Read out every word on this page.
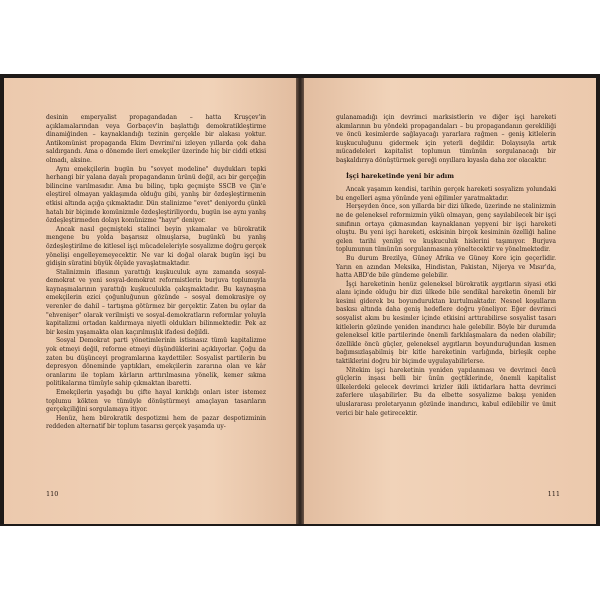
desinin emperyalist propagandadan – hatta Kruşçev'in açıklamalarından veya Gorbaçev'in başlattığı demokratikleştirme dinamiğinden – kaynaklandığı tezinin gerçekle bir alakası yoktur. Antikomünist propaganda Ekim Devrimi'ni izleyen yıllarda çok daha saldırgandı. Ama o dönemde ileri emekçiler üzerinde hiç bir ciddi etkisi olmadı, aksine.

Aynı emekçilerin bugün bu "sovyet modeline" duydukları tepki herhangi bir yalana dayalı propagandanın ürünü değil, acı bir gerçeğin bilincine varılmasıdır. Ama bu bilinç, tıpkı geçmişte SSCB ve Çin'e eleştirel olmayan yaklaşımda olduğu gibi, yanlış bir özdeşleştirmenin etkisi altında açığa çıkmaktadır. Dün stalinizme "evet" deniyordu çünkü hatalı bir biçimde komünizmle özdeşleştiriliyordu, bugün ise aynı yanlış özdeşleştirmeden dolayı komünizme "hayır" deniyor.

Ancak nasıl geçmişteki stalinci beyin yıkamalar ve bürokratik mengene bu yolda başarısız olmuşlarsa, bugünkü bu yanlış özdeşleştirilme de kitlesel işçi mücadeleleriyle sosyalizme doğru gerçek yönelişi engelleyemeyecektir. Ne var ki doğal olarak bugün işçi bu gidişin süratini büyük ölçüde yavaşlatmaktadır.

Stalinizmin iflasının yarattığı kuşkuculuk aynı zamanda sosyal-demokrat ve yeni sosyal-demokrat reformistlerin burjuva toplumuyla kaynaşmalarının yarattığı kuşkuculukla çakışmaktadır. Bu kaynaşma emekçilerin ezici çoğunluğunun gözünde – sosyal demokrasiye oy verenler de dahil – tartışma götürmez bir gerçektir. Zaten bu oylar da "ehvenişer" olarak verilmişti ve sosyal-demokratların reformlar yoluyla kapitalizmi ortadan kaldırmaya niyetli oldukları bilinmektedir. Pek az bir kesim yaşamakta olan kaçırılmışlık ifadesi değildi.

Sosyal Demokrat parti yönetimlerinin istisnasız tümü kapitalizme yok etmeyi değil, reforme etmeyi düşündüklerini açıklıyorlar. Çoğu da zaten bu düşünceyi programlarına kaydettiler. Sosyalist partilerin bu depresyon döneminde yaptıkları, emekçilerin zararına olan ve kâr oranlarını ile toplam kârların arttırılmasına yönelik, kemer sıkma politikalarına tümüyle sahip çıkmaktan ibaretti.

Emekçilerin yaşadığı bu çifte hayal kırıklığı onları ister istemez toplumu kökten ve tümüyle dönüştürmeyi amaçlayan tasarıların gerçekçiliğini sorgulamaya itiyor.

Henüz, hem bürokratik despotizmi hem de pazar despotizminin reddeden alternatif bir toplum tasarısı gerçek yaşamda uy-

110

gulanamadığı için devrimci marksistlerin ve diğer işçi hareketi akımlarının bu yöndeki propagandaları – bu propagandanın gerekliliği ve öncü kesimlerde sağlayacağı yararlara rağmen – geniş kitlelerin kuşkuculuğunu gidermek için yeterli değildir. Dolayısıyla artık mücadeleleri kapitalist toplumun tümünün sorgulanacağı bir başkaldırıya dönüştürmek gereği onyıllara kıyasla daha zor olacaktır.

İşçi hareketinde yeni bir adım

Ancak yaşamın kendisi, tarihin gerçek hareketi sosyalizm yolundaki bu engelleri aşma yönünde yeni eğilimler yaratmaktadır.

Herşeyden önce, son yıllarda bir dizi ülkede, üzerinde ne stalinizmin ne de geleneksel reformizmin yükü olmayan, genç sayılabilecek bir işçi sınıfının ortaya çıkmasından kaynaklanan yepyeni bir işçi hareketi oluştu. Bu yeni işçi hareketi, eskisinin birçok kesiminin özelliği haline gelen tarihi yenilgi ve kuşkuculuk hislerini taşımıyor. Burjuva toplumunun tümünün sorgulanmasına yöneltecektir ve yönelmektedir.

Bu durum Brezilya, Güney Afrika ve Güney Kore için geçerlidir. Yarın en azından Meksika, Hindistan, Pakistan, Nijerya ve Mısır'da, hatta ABD'de bile gündeme gelebilir.

İşçi hareketinin henüz geleneksel bürokratik aygıtların siyasi etki alanı içinde olduğu bir dizi ülkede bile sendikal hareketin önemli bir kesimi giderek bu boyunduruktan kurtulmaktadır. Nesnel koşulların baskısı altında daha geniş hedeflere doğru yöneliyor. Eğer devrimci sosyalist akım bu kesimler içinde etkisini arttırabilirse sosyalist tasarı kitlelerin gözünde yeniden inandırıcı hale gelebilir. Böyle bir durumda geleneksel kitle partilerinde önemli farklılaşmalara da neden olabilir; özellikle öncü güçler, geleneksel aygıtların boyunduruğundan kısmen bağımsızlaşabilmiş bir kitle hareketinin varlığında, birleşik cephe taktiklerini doğru bir biçimde uygulayabilirlerse.

Nitekim işçi hareketinin yeniden yapılanması ve devrimci öncü güçlerin inşası belli bir ünün geçtiklerinde, önemli kapitalist ülkelerdeki gelecek devrimci krizler ikili iktidarlara hatta devrimci zaferlere ulaşabilirler. Bu da elbette sosyalizme bakışı yeniden uluslararası proletaryanın gözünde inandırıcı, kabul edilebilir ve ümit verici bir hale getirecektir.

111
